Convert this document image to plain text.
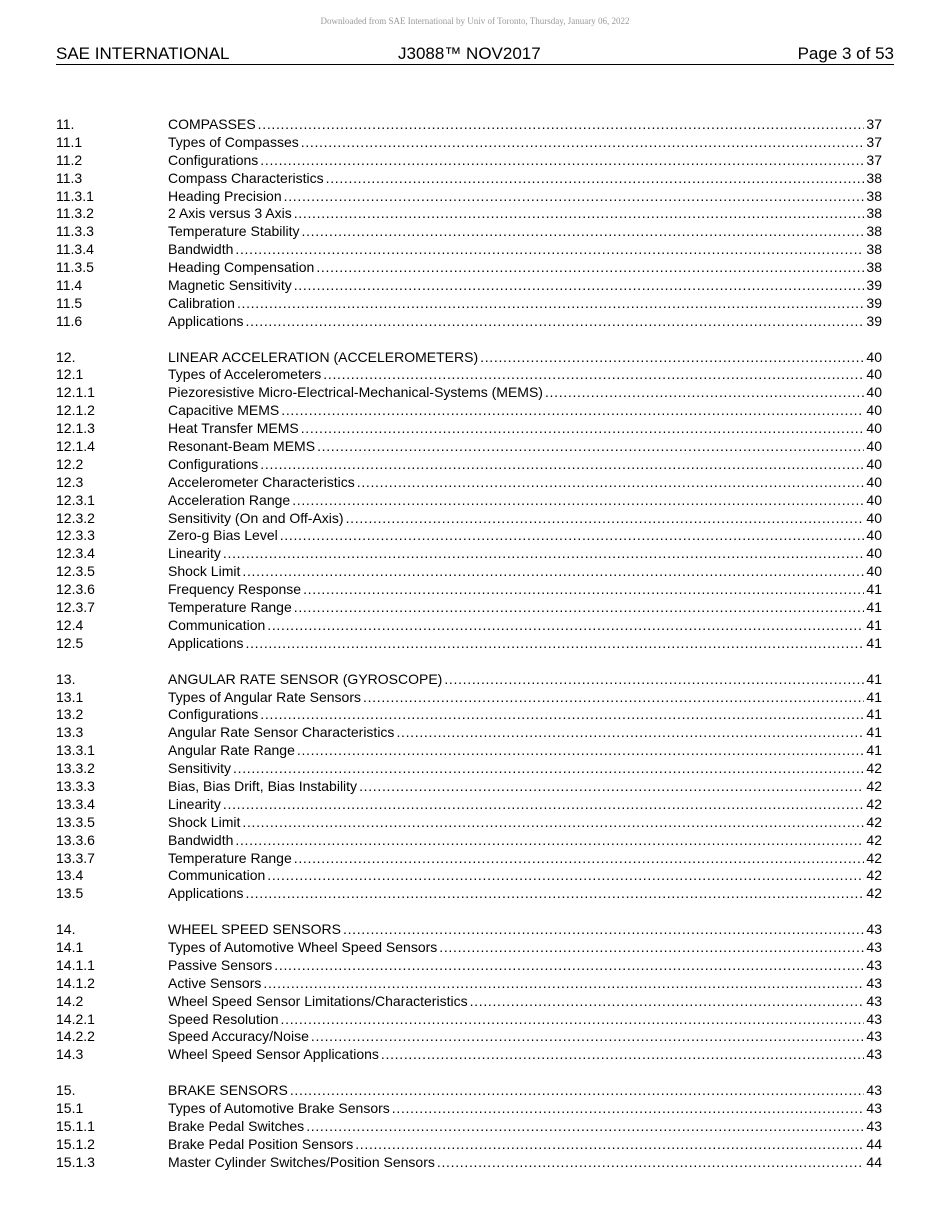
Downloaded from SAE International by Univ of Toronto, Thursday, January 06, 2022
SAE INTERNATIONAL	J3088™ NOV2017	Page 3 of 53
11.	COMPASSES . . .	37
11.1	Types of Compasses . . .	37
11.2	Configurations . . .	37
11.3	Compass Characteristics . . .	38
11.3.1	Heading Precision . . .	38
11.3.2	2 Axis versus 3 Axis . . .	38
11.3.3	Temperature Stability . . .	38
11.3.4	Bandwidth . . .	38
11.3.5	Heading Compensation . . .	38
11.4	Magnetic Sensitivity . . .	39
11.5	Calibration . . .	39
11.6	Applications . . .	39
12.	LINEAR ACCELERATION (ACCELEROMETERS) . . .	40
12.1	Types of Accelerometers . . .	40
12.1.1	Piezoresistive Micro-Electrical-Mechanical-Systems (MEMS) . . .	40
12.1.2	Capacitive MEMS . . .	40
12.1.3	Heat Transfer MEMS . . .	40
12.1.4	Resonant-Beam MEMS . . .	40
12.2	Configurations . . .	40
12.3	Accelerometer Characteristics . . .	40
12.3.1	Acceleration Range . . .	40
12.3.2	Sensitivity (On and Off-Axis) . . .	40
12.3.3	Zero-g Bias Level . . .	40
12.3.4	Linearity . . .	40
12.3.5	Shock Limit . . .	40
12.3.6	Frequency Response . . .	41
12.3.7	Temperature Range . . .	41
12.4	Communication . . .	41
12.5	Applications . . .	41
13.	ANGULAR RATE SENSOR (GYROSCOPE) . . .	41
13.1	Types of Angular Rate Sensors . . .	41
13.2	Configurations . . .	41
13.3	Angular Rate Sensor Characteristics . . .	41
13.3.1	Angular Rate Range . . .	41
13.3.2	Sensitivity . . .	42
13.3.3	Bias, Bias Drift, Bias Instability . . .	42
13.3.4	Linearity . . .	42
13.3.5	Shock Limit . . .	42
13.3.6	Bandwidth . . .	42
13.3.7	Temperature Range . . .	42
13.4	Communication . . .	42
13.5	Applications . . .	42
14.	WHEEL SPEED SENSORS . . .	43
14.1	Types of Automotive Wheel Speed Sensors . . .	43
14.1.1	Passive Sensors . . .	43
14.1.2	Active Sensors . . .	43
14.2	Wheel Speed Sensor Limitations/Characteristics . . .	43
14.2.1	Speed Resolution . . .	43
14.2.2	Speed Accuracy/Noise . . .	43
14.3	Wheel Speed Sensor Applications . . .	43
15.	BRAKE SENSORS . . .	43
15.1	Types of Automotive Brake Sensors . . .	43
15.1.1	Brake Pedal Switches . . .	43
15.1.2	Brake Pedal Position Sensors . . .	44
15.1.3	Master Cylinder Switches/Position Sensors . . .	44
